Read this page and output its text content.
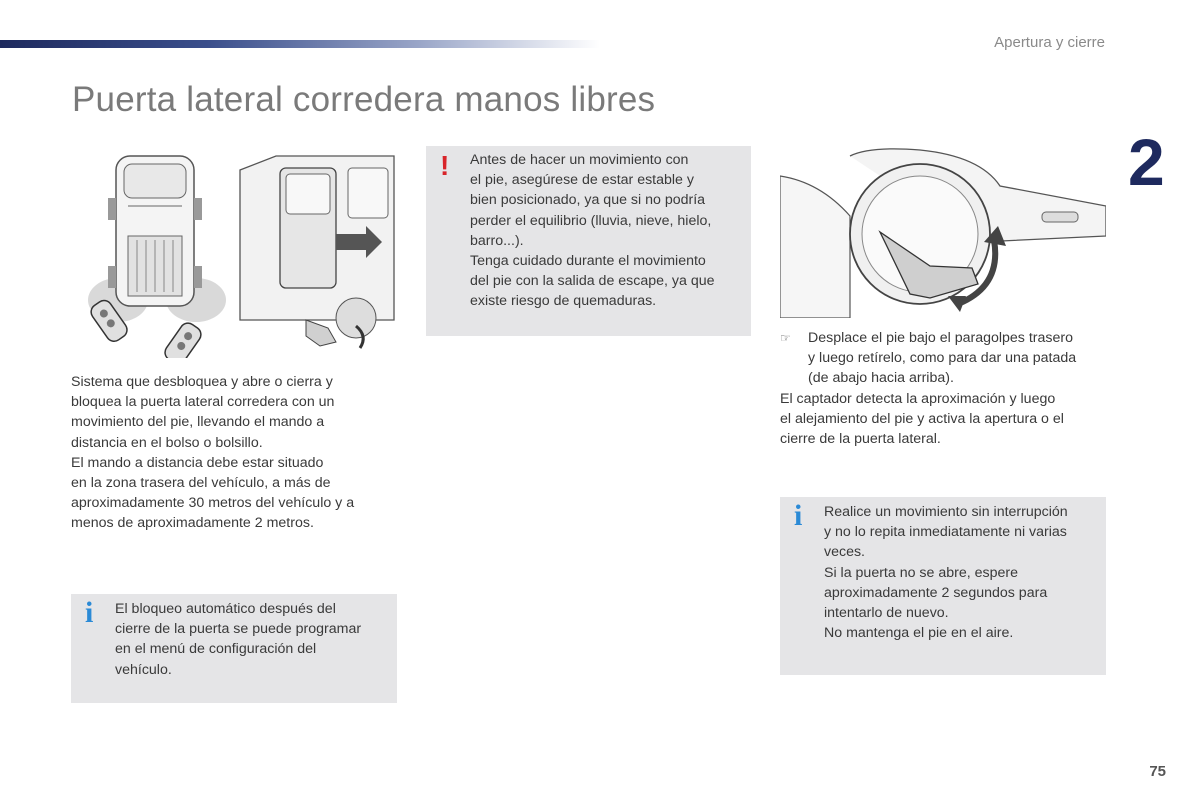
Apertura y cierre
Puerta lateral corredera manos libres
2
Sistema que desbloquea y abre o cierra y
bloquea la puerta lateral corredera con un
movimiento del pie, llevando el mando a
distancia en el bolso o bolsillo.
El mando a distancia debe estar situado
en la zona trasera del vehículo, a más de
aproximadamente 30 metros del vehículo y a
menos de aproximadamente 2 metros.
i El bloqueo automático después del
cierre de la puerta se puede programar
en el menú de configuración del
vehículo.
! Antes de hacer un movimiento con
el pie, asegúrese de estar estable y
bien posicionado, ya que si no podría
perder el equilibrio (lluvia, nieve, hielo,
barro...).
Tenga cuidado durante el movimiento
del pie con la salida de escape, ya que
existe riesgo de quemaduras.
☞ Desplace el pie bajo el paragolpes trasero
y luego retírelo, como para dar una patada
(de abajo hacia arriba).
El captador detecta la aproximación y luego
el alejamiento del pie y activa la apertura o el
cierre de la puerta lateral.
i Realice un movimiento sin interrupción
y no lo repita inmediatamente ni varias
veces.
Si la puerta no se abre, espere
aproximadamente 2 segundos para
intentarlo de nuevo.
No mantenga el pie en el aire.
75
